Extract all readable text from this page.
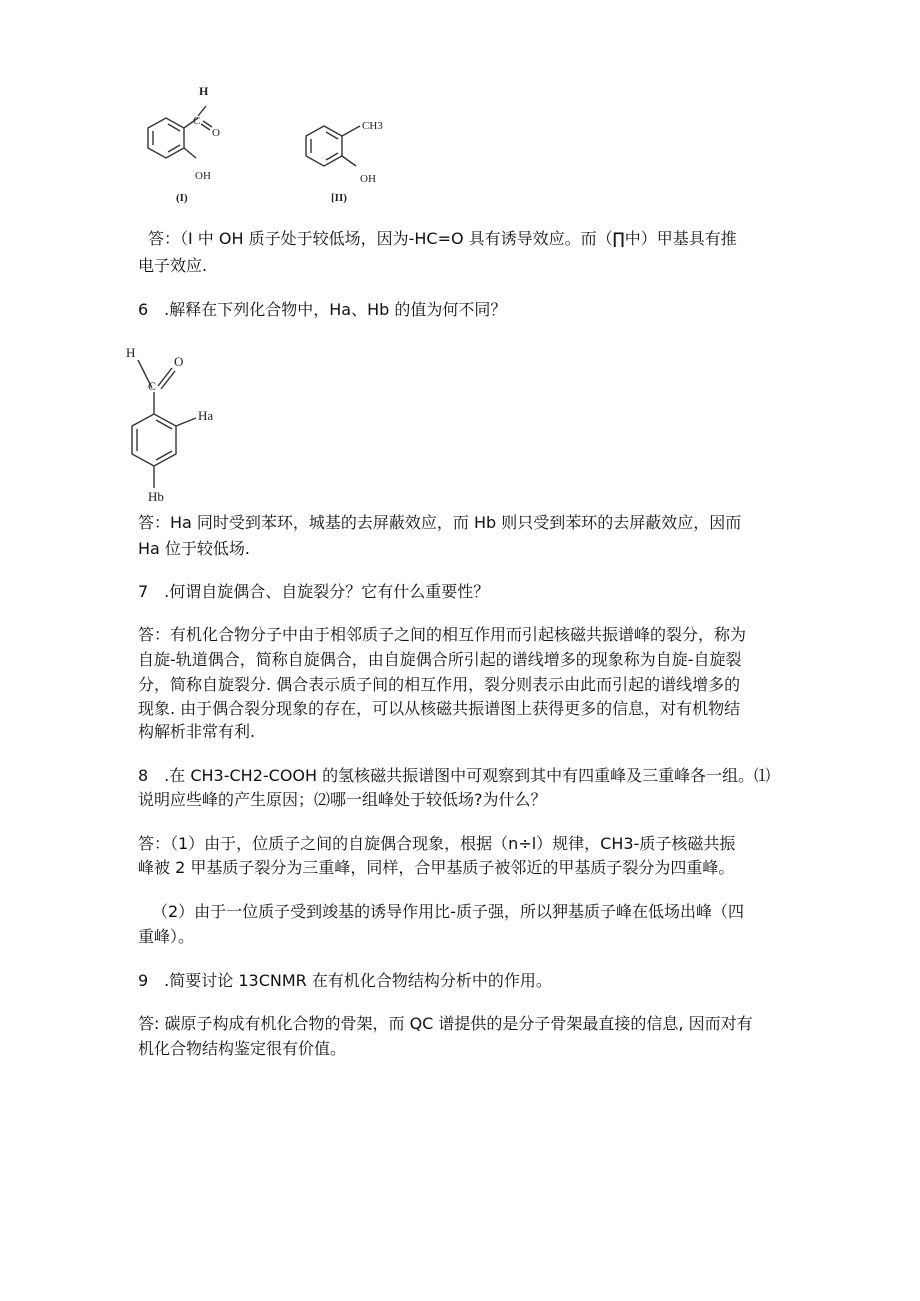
H
C
O
OH
(I)
CH3
OH
[II)
答：（I 中 OH 质子处于较低场，因为-HC=O 具有诱导效应。而（∏中）甲基具有推
电子效应.
6　.解释在下列化合物中，Ha、Hb 的值为何不同？
H
C
O
Ha
Hb
答：Ha 同时受到苯环，城基的去屏蔽效应，而 Hb 则只受到苯环的去屏蔽效应，因而
Ha 位于较低场.
7　.何谓自旋偶合、自旋裂分？它有什么重要性？
答：有机化合物分子中由于相邻质子之间的相互作用而引起核磁共振谱峰的裂分，称为
自旋-轨道偶合，简称自旋偶合，由自旋偶合所引起的谱线增多的现象称为自旋-自旋裂
分，简称自旋裂分. 偶合表示质子间的相互作用，裂分则表示由此而引起的谱线增多的
现象. 由于偶合裂分现象的存在，可以从核磁共振谱图上获得更多的信息，对有机物结
构解析非常有利.
8　.在 CH3-CH2-COOH 的氢核磁共振谱图中可观察到其中有四重峰及三重峰各一组。⑴
说明应些峰的产生原因；⑵哪一组峰处于较低场?为什么？
答：（1）由于，位质子之间的自旋偶合现象，根据（n÷l）规律，CH3-质子核磁共振
峰被 2 甲基质子裂分为三重峰，同样，合甲基质子被邻近的甲基质子裂分为四重峰。
（2）由于一位质子受到竣基的诱导作用比-质子强，所以狎基质子峰在低场出峰（四
重峰）。
9　.简要讨论 13CNMR 在有机化合物结构分析中的作用。
答: 碳原子构成有机化合物的骨架，而 QC 谱提供的是分子骨架最直接的信息, 因而对有
机化合物结构鉴定很有价值。
